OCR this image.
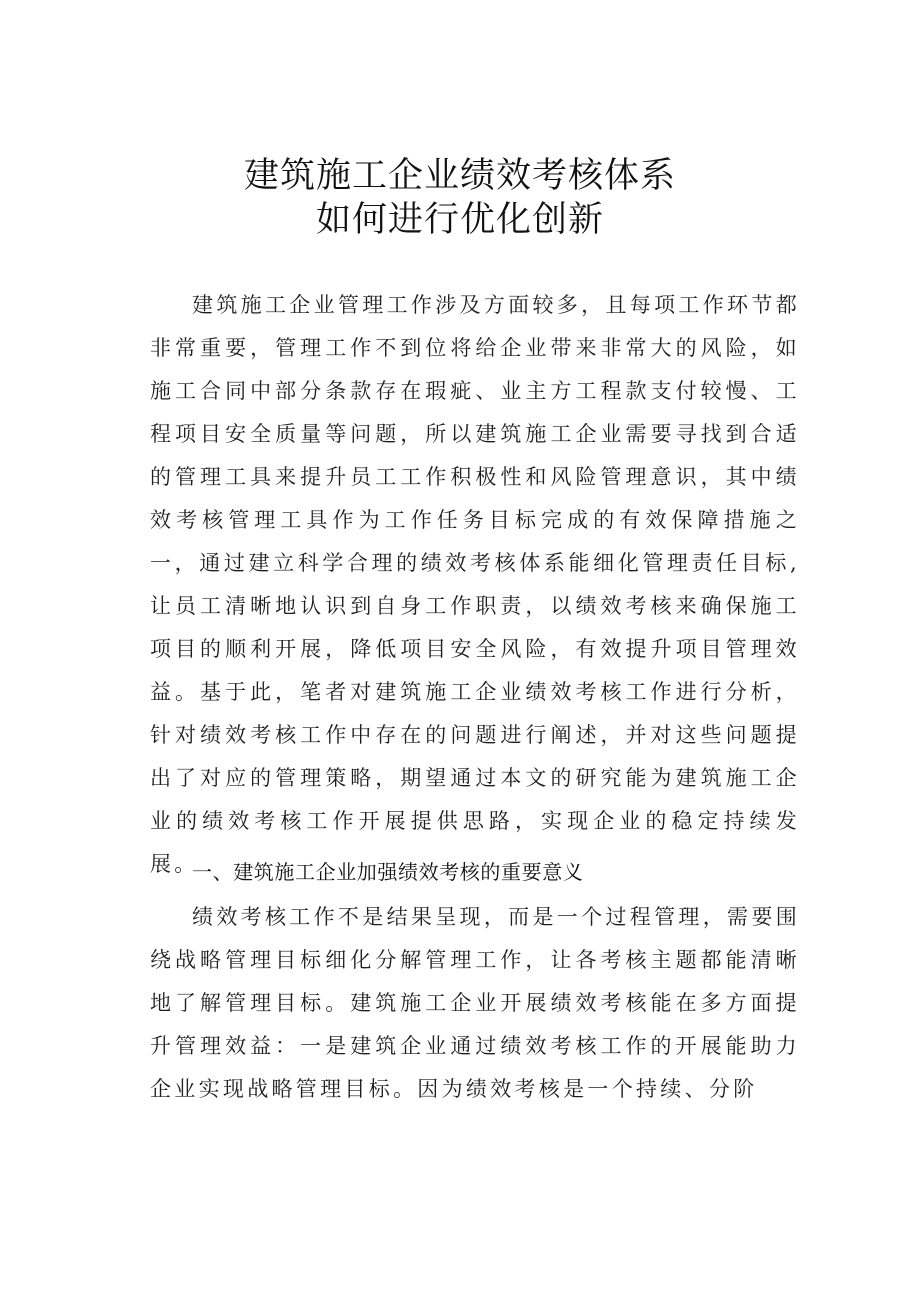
建筑施工企业绩效考核体系
如何进行优化创新

建筑施工企业管理工作涉及方面较多，且每项工作环节都非常重要，管理工作不到位将给企业带来非常大的风险，如施工合同中部分条款存在瑕疵、业主方工程款支付较慢、工程项目安全质量等问题，所以建筑施工企业需要寻找到合适的管理工具来提升员工工作积极性和风险管理意识，其中绩效考核管理工具作为工作任务目标完成的有效保障措施之一，通过建立科学合理的绩效考核体系能细化管理责任目标,让员工清晰地认识到自身工作职责，以绩效考核来确保施工项目的顺利开展，降低项目安全风险，有效提升项目管理效益。基于此，笔者对建筑施工企业绩效考核工作进行分析，针对绩效考核工作中存在的问题进行阐述，并对这些问题提出了对应的管理策略，期望通过本文的研究能为建筑施工企业的绩效考核工作开展提供思路，实现企业的稳定持续发展。

一、建筑施工企业加强绩效考核的重要意义

绩效考核工作不是结果呈现，而是一个过程管理，需要围绕战略管理目标细化分解管理工作，让各考核主题都能清晰地了解管理目标。建筑施工企业开展绩效考核能在多方面提升管理效益：一是建筑企业通过绩效考核工作的开展能助力企业实现战略管理目标。因为绩效考核是一个持续、分阶
